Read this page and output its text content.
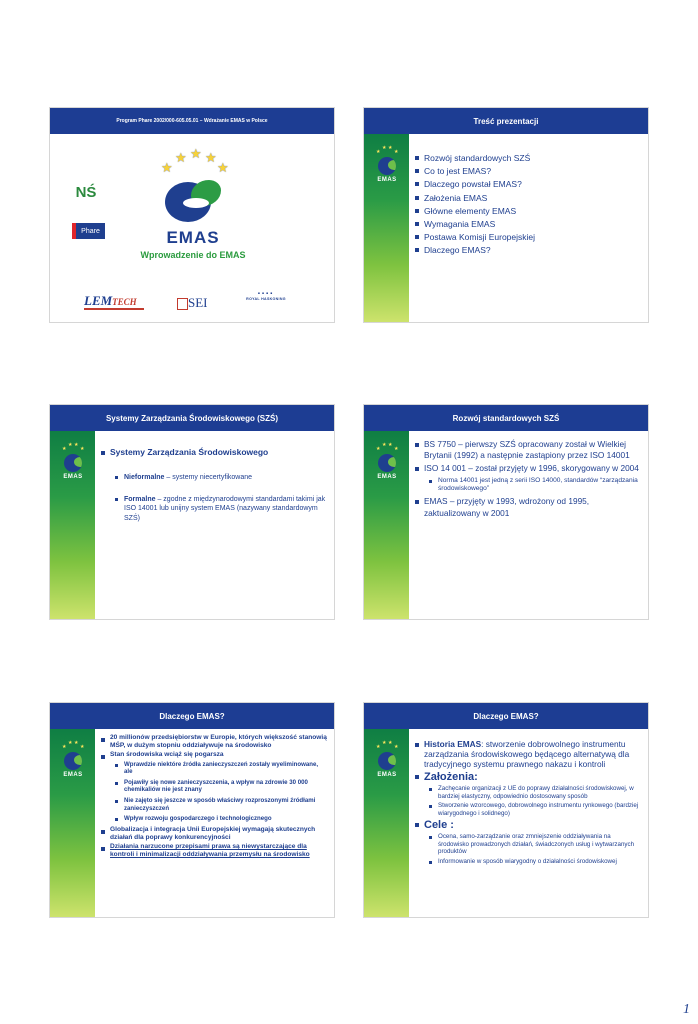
Program Phare 2002/000-605.05.01 – Wdrażanie EMAS w Polsce
NŚ

Phare
★
★ ★ ★
★
EMAS
Wprowadzenie do EMAS
LEMTECH	SEI
▪▪▪▪
ROYAL HASKONING
Treść prezentacji
★
★ ★
★
EMAS
Rozwój standardowych SZŚ
Co to jest EMAS?
Dlaczego powstał EMAS?
Założenia EMAS
Główne elementy EMAS
Wymagania EMAS
Postawa Komisji Europejskiej
Dlaczego EMAS?
Systemy Zarządzania Środowiskowego (SZŚ)
★
★ ★
★
EMAS
Systemy Zarządzania Środowiskowego
Nieformalne – systemy niecertyfikowane
Formalne – zgodne z międzynarodowymi standardami takimi jak ISO 14001 lub unijny system EMAS (nazywany standardowym SZŚ)
Rozwój standardowych SZŚ
★
★ ★
★
EMAS
BS 7750 – pierwszy SZŚ opracowany został w Wielkiej Brytanii (1992) a następnie zastąpiony przez ISO 14001
ISO 14 001 – został przyjęty w 1996, skorygowany w 2004
Norma 14001 jest jedną z serii ISO 14000, standardów “zarządzania środowiskowego”
EMAS – przyjęty w 1993, wdrożony od 1995, zaktualizowany w 2001
Dlaczego EMAS?
★
★ ★
★
EMAS
20 millionów przedsiębiorstw w Europie, których większość stanowią MŚP, w dużym stopniu oddziaływuje na środowisko
Stan środowiska wciąż się pogarsza
Wprawdzie niektóre źródła zanieczyszczeń zostały wyeliminowane, ale
Pojawiły się nowe zanieczyszczenia, a wpływ na zdrowie 30 000 chemikaliów nie jest znany
Nie zajęto się jeszcze w sposób właściwy rozproszonymi źródłami zanieczyszczeń
Wpływ rozwoju gospodarczego i technologicznego
Globalizacja i integracja Unii Europejskiej wymagają skutecznych działań dla poprawy konkurencyjności
Działania narzucone przepisami prawa są niewystarczające dla kontroli i minimalizacji oddziaływania przemysłu na środowisko
Dlaczego EMAS?
★
★ ★
★
EMAS
Historia EMAS: stworzenie dobrowolnego instrumentu zarządzania środowiskowego będącego alternatywą dla tradycyjnego systemu prawnego nakazu i kontroli
Założenia:
Zachęcanie organizacji z UE do poprawy działalności środowiskowej, w bardziej elastyczny, odpowiednio dostosowany sposób
Stworzenie wzorcowego, dobrowolnego instrumentu rynkowego (bardziej wiarygodnego i solidnego)
Cele :
Ocena, samo-zarządzanie oraz zmniejszenie oddziaływania na środowisko prowadzonych działań, świadczonych usług i wytwarzanych produktów
Informowanie w sposób wiarygodny o działalności środowiskowej
1
